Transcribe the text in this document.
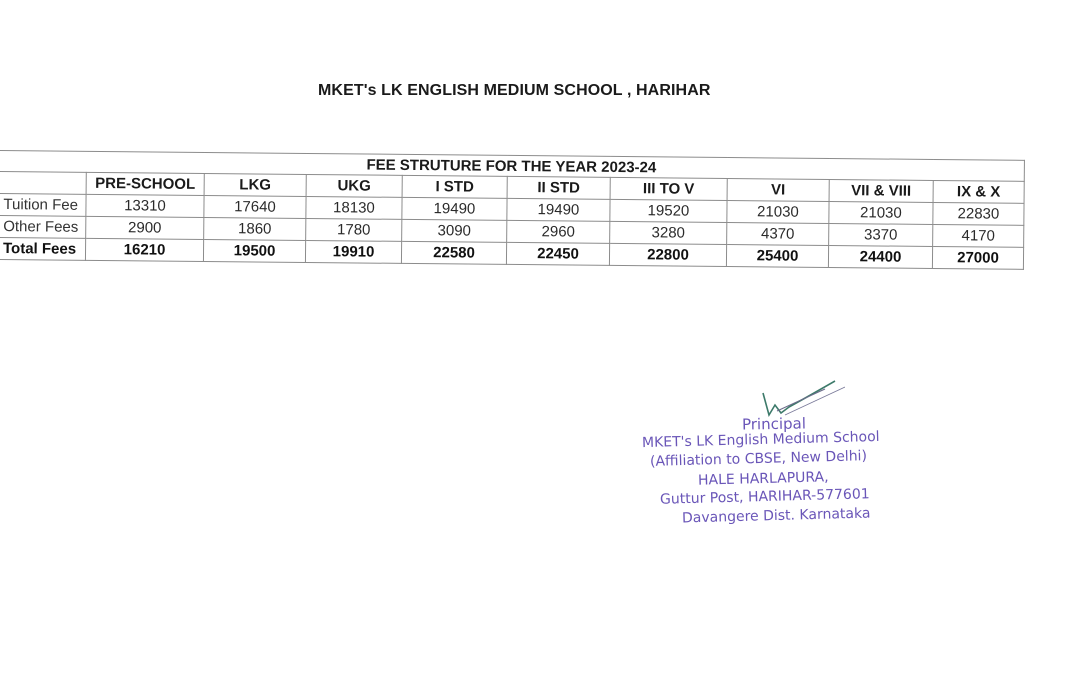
MKET's LK ENGLISH MEDIUM SCHOOL , HARIHAR
FEE STRUTURE FOR THE YEAR 2023-24									
	PRE-SCHOOL	LKG	UKG	I STD	II STD	III TO V	VI	VII & VIII	IX & X
Tuition Fee	13310	17640	18130	19490	19490	19520	21030	21030	22830
Other Fees	2900	1860	1780	3090	2960	3280	4370	3370	4170
Total Fees	16210	19500	19910	22580	22450	22800	25400	24400	27000
Principal
MKET's LK English Medium School
(Affiliation to CBSE, New Delhi)
HALE HARLAPURA,
Guttur Post, HARIHAR-577601
Davangere Dist. Karnataka
